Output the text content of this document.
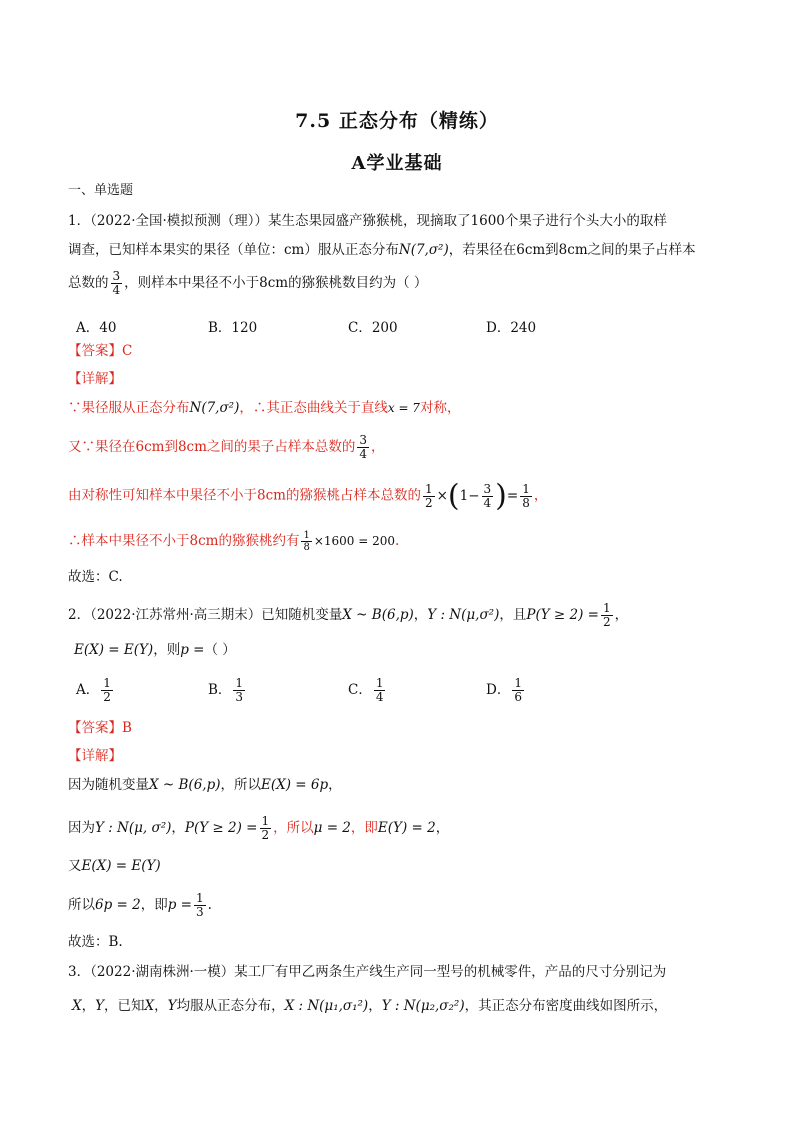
7.5 正态分布（精练）
A学业基础
一、单选题
1．（2022·全国·模拟预测（理））某生态果园盛产猕猴桃，现摘取了1600个果子进行个头大小的取样
调查，已知样本果实的果径（单位：cm）服从正态分布N(7,σ²)，若果径在6cm到8cm之间的果子占样本
总数的 $\frac{3}{4}$ ，则样本中果径不小于8cm的猕猴桃数目约为（ ）
A．40	B．120	C．200	D．240
【答案】C
【详解】
∵果径服从正态分布N(7,σ²)，∴其正态曲线关于直线x = 7对称，
又∵果径在6cm到8cm之间的果子占样本总数的 $\frac{3}{4}$ ，
由对称性可知样本中果径不小于8cm的猕猴桃占样本总数的 $\frac{1}{2} \times(1- \frac{3}{4}$ )= $\frac{1}{8}$ ，
∴样本中果径不小于8cm的猕猴桃约有 $\frac{1}{8} \times 1600 = 200$.
故选：C.
2．（2022·江苏常州·高三期末）已知随机变量X ~ B(6,p)，Y : N(μ,σ²)，且$P(Y \ge 2) = \frac{1}{2}$ ，
E(X) = E(Y)，则p =（ ）
A． $\frac{1}{2}$	B． $\frac{1}{3}$	C． $\frac{1}{4}$	D． $\frac{1}{6}$
【答案】B
【详解】
因为随机变量X ~ B(6,p)，所以E(X) = 6p，
因为Y : N(μ, σ²)，$P(Y \ge 2) = \frac{1}{2}$ ，所以μ = 2，即E(Y) = 2，
又E(X) = E(Y)
所以6p = 2，即$p = \frac{1}{3}$ .
故选：B.
3．（2022·湖南株洲·一模）某工厂有甲乙两条生产线生产同一型号的机械零件，产品的尺寸分别记为
X，Y，已知X，Y均服从正态分布，X : N(μ₁,σ₁²)，Y : N(μ₂,σ₂²)，其正态分布密度曲线如图所示，
